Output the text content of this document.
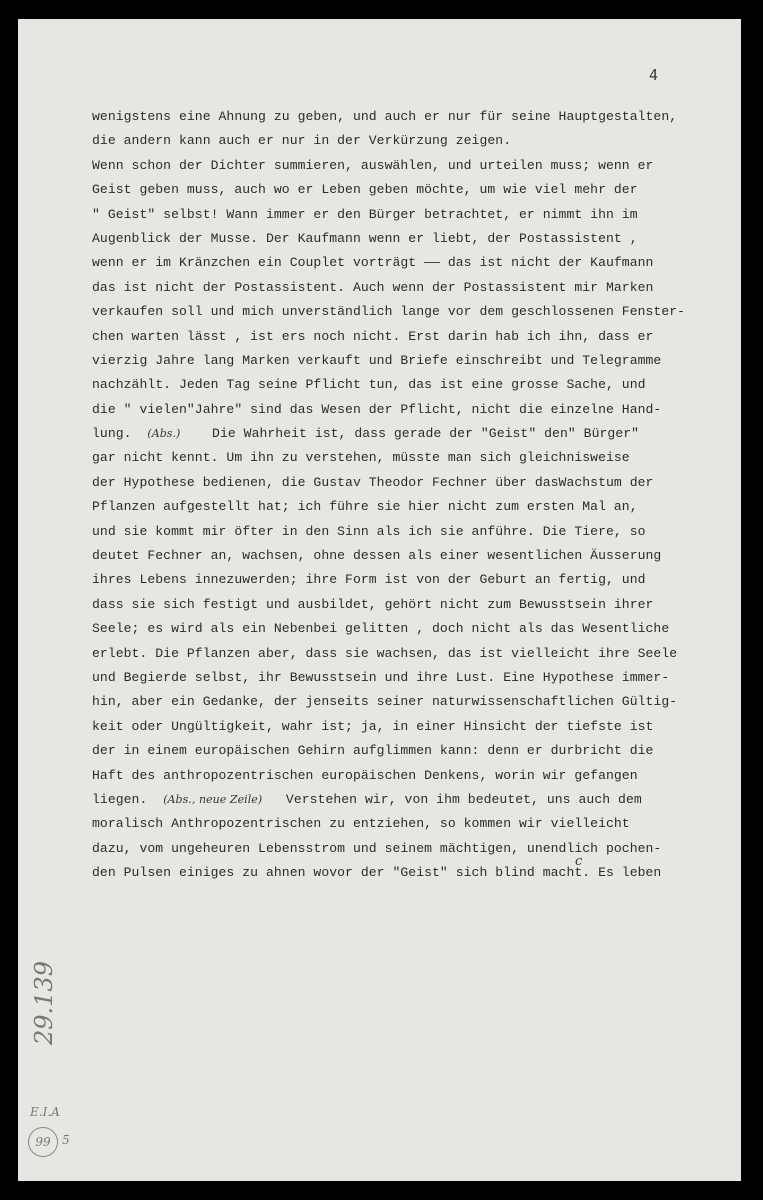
4
wenigstens eine Ahnung zu geben, und auch er nur für seine Hauptgestalten,
die andern kann auch er nur in der Verkürzung zeigen.
Wenn schon der Dichter summieren, auswählen, und urteilen muss; wenn er
Geist geben muss, auch wo er Leben geben möchte, um wie viel mehr der
" Geist" selbst! Wann immer er den Bürger betrachtet, er nimmt ihn im
Augenblick der Musse. Der Kaufmann wenn er liebt, der Postassistent ,
wenn er im Kränzchen ein Couplet vorträgt —— das ist nicht der Kaufmann
das ist nicht der Postassistent. Auch wenn der Postassistent mir Marken
verkaufen soll und mich unverständlich lange vor dem geschlossenen Fenster-
chen warten lässt , ist ers noch nicht. Erst darin hab ich ihn, dass er
vierzig Jahre lang Marken verkauft und Briefe einschreibt und Telegramme
nachzählt. Jeden Tag seine Pflicht tun, das ist eine grosse Sache, und
die " vielen"Jahre" sind das Wesen der Pflicht, nicht die einzelne Hand-
lung. (Abs.) Die Wahrheit ist, dass gerade der "Geist" den" Bürger"
gar nicht kennt. Um ihn zu verstehen, müsste man sich gleichnisweise
der Hypothese bedienen, die Gustav Theodor Fechner über dasWachstum der
Pflanzen aufgestellt hat; ich führe sie hier nicht zum ersten Mal an,
und sie kommt mir öfter in den Sinn als ich sie anführe. Die Tiere, so
deutet Fechner an, wachsen, ohne dessen als einer wesentlichen Äusserung
ihres Lebens innezuwerden; ihre Form ist von der Geburt an fertig, und
dass sie sich festigt und ausbildet, gehört nicht zum Bewusstsein ihrer
Seele; es wird als ein Nebenbei gelitten , doch nicht als das Wesentliche
erlebt. Die Pflanzen aber, dass sie wachsen, das ist vielleicht ihre Seele
und Begierde selbst, ihr Bewusstsein und ihre Lust. Eine Hypothese immer-
hin, aber ein Gedanke, der jenseits seiner naturwissenschaftlichen Gültig-
keit oder Ungültigkeit, wahr ist; ja, in einer Hinsicht der tiefste ist
der in einem europäischen Gehirn aufglimmen kann: denn er durbricht die
Haft des anthropozentrischen europäischen Denkens, worin wir gefangen
liegen. (Abs., neue Zeile) Verstehen wir, von ihm bedeutet, uns auch dem
moralisch Anthropozentrischen zu entziehen, so kommen wir vielleicht
dazu, vom ungeheuren Lebensstrom und seinem mächtigen, unendlich pochen-
den Pulsen einiges zu ahnen wovor der "Geist" sich blind macht. Es leben
c
29.139
E.I.A
99 5
